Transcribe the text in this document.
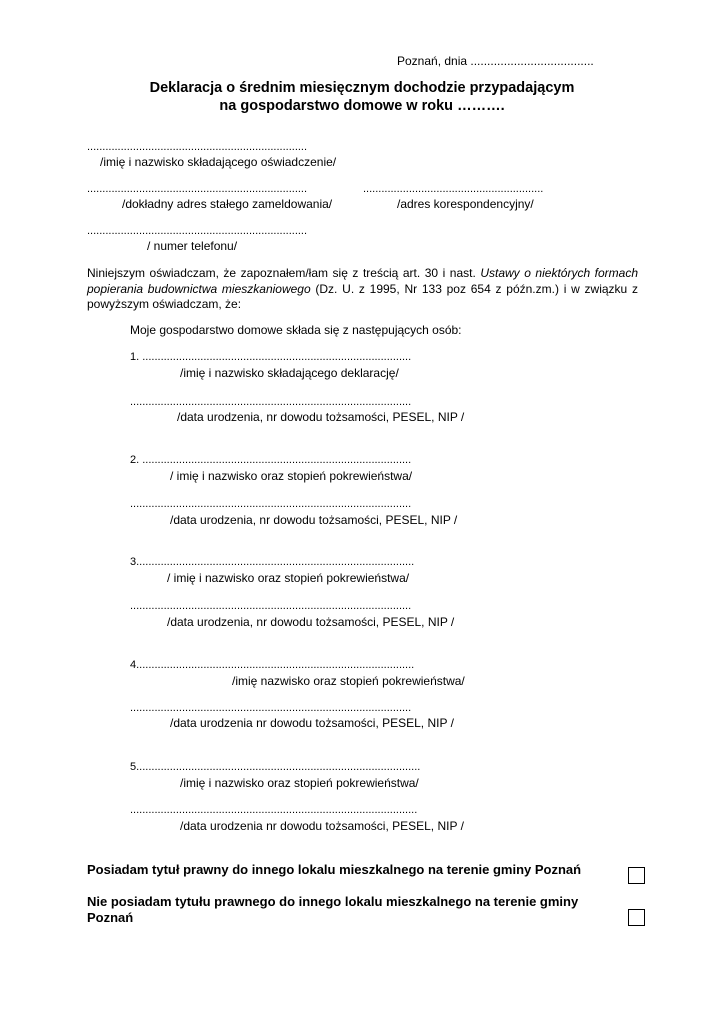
Poznań, dnia .....................................
Deklaracja o średnim miesięcznym dochodzie przypadającym
na gospodarstwo domowe w roku ……….
........................................................................
/imię i nazwisko składającego oświadczenie/
........................................................................
/dokładny adres stałego zameldowania/
...........................................................
/adres korespondencyjny/
........................................................................
/ numer telefonu/
Niniejszym oświadczam, że zapoznałem/łam się z treścią art. 30 i nast. Ustawy o niektórych formach popierania budownictwa mieszkaniowego (Dz. U. z 1995, Nr 133 poz 654 z późn.zm.) i w związku z powyższym oświadczam, że:
Moje gospodarstwo domowe składa się z następujących osób:
1. ........................................................................................
/imię i nazwisko składającego deklarację/
............................................................................................
/data urodzenia, nr dowodu tożsamości, PESEL, NIP /
2. ........................................................................................
/ imię i nazwisko oraz stopień pokrewieństwa/
............................................................................................
/data urodzenia, nr dowodu tożsamości, PESEL, NIP /
3...........................................................................................
/ imię i nazwisko oraz stopień pokrewieństwa/
............................................................................................
/data urodzenia, nr dowodu tożsamości, PESEL, NIP /
4...........................................................................................
/imię nazwisko oraz stopień pokrewieństwa/
............................................................................................
/data urodzenia nr dowodu tożsamości, PESEL, NIP /
5.............................................................................................
/imię i nazwisko oraz stopień pokrewieństwa/
..............................................................................................
/data urodzenia nr dowodu tożsamości, PESEL, NIP /
Posiadam tytuł prawny do innego lokalu mieszkalnego na terenie gminy Poznań
Nie posiadam tytułu prawnego do innego lokalu mieszkalnego na terenie gminy
Poznań
